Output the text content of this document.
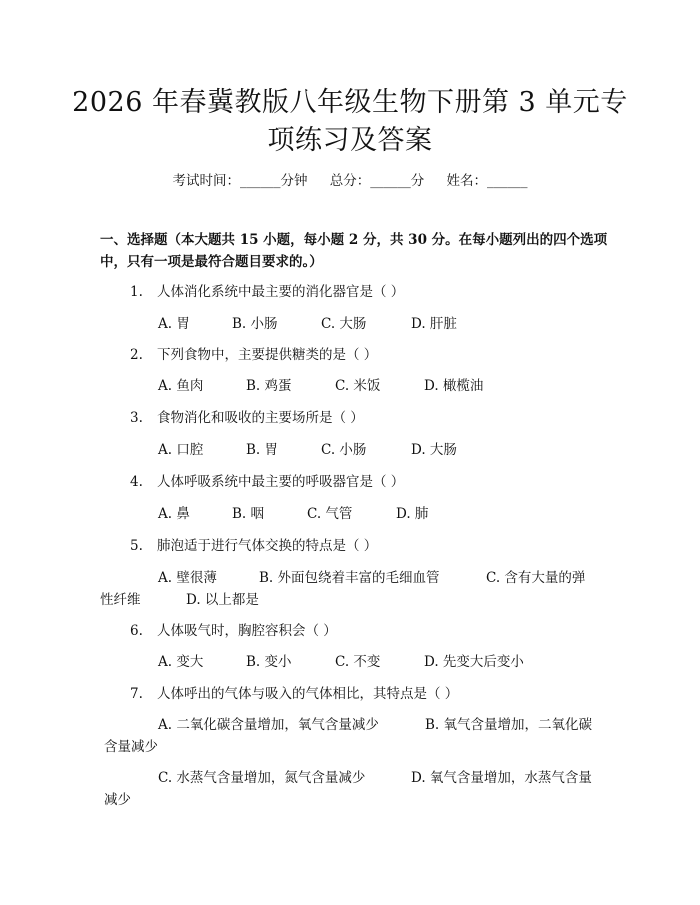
2026 年春冀教版八年级生物下册第 3 单元专
项练习及答案
考试时间：______分钟 总分：______分 姓名：______
一、选择题（本大题共 15 小题，每小题 2 分，共 30 分。在每小题列出的四个选项中，只有一项是最符合题目要求的。）
1. 人体消化系统中最主要的消化器官是（ ）
A. 胃	B. 小肠	C. 大肠	D. 肝脏
2. 下列食物中，主要提供糖类的是（ ）
A. 鱼肉	B. 鸡蛋	C. 米饭	D. 橄榄油
3. 食物消化和吸收的主要场所是（ ）
A. 口腔	B. 胃	C. 小肠	D. 大肠
4. 人体呼吸系统中最主要的呼吸器官是（ ）
A. 鼻	B. 咽	C. 气管	D. 肺
5. 肺泡适于进行气体交换的特点是（ ）
A. 壁很薄	B. 外面包绕着丰富的毛细血管	C. 含有大量的弹
性纤维	D. 以上都是
6. 人体吸气时，胸腔容积会（ ）
A. 变大	B. 变小	C. 不变	D. 先变大后变小
7. 人体呼出的气体与吸入的气体相比，其特点是（ ）
A. 二氧化碳含量增加，氧气含量减少	B. 氧气含量增加，二氧化碳
含量减少
C. 水蒸气含量增加，氮气含量减少	D. 氧气含量增加，水蒸气含量
减少
